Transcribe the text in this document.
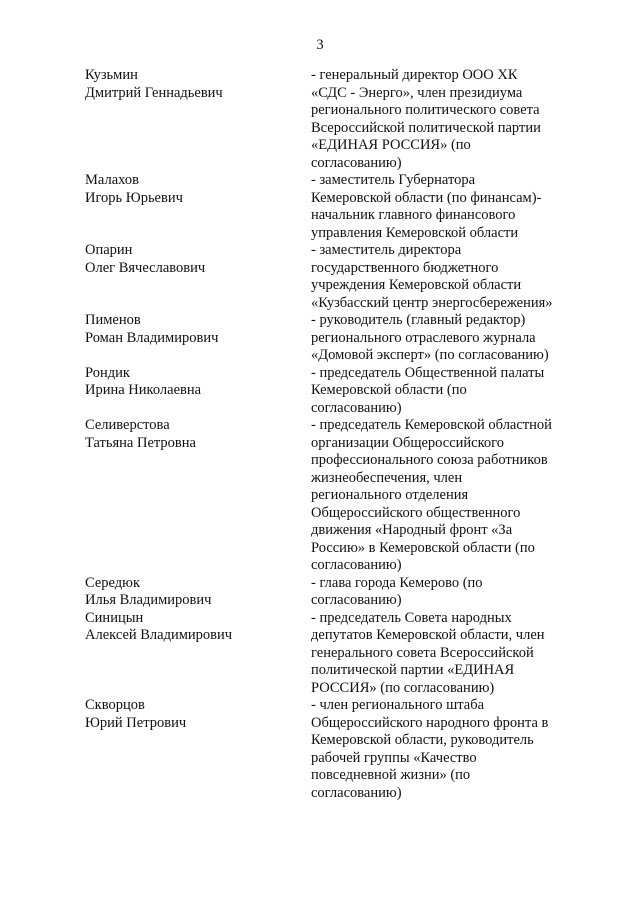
3
Кузьмин
Дмитрий Геннадьевич
- генеральный директор ООО ХК
«СДС - Энерго», член президиума
регионального политического совета
Всероссийской политической партии
«ЕДИНАЯ РОССИЯ» (по
согласованию)
Малахов
Игорь Юрьевич
- заместитель Губернатора
Кемеровской области (по финансам)-
начальник главного финансового
управления Кемеровской области
Опарин
Олег Вячеславович
- заместитель директора
государственного бюджетного
учреждения Кемеровской области
«Кузбасский центр энергосбережения»
Пименов
Роман Владимирович
- руководитель (главный редактор)
регионального отраслевого журнала
«Домовой эксперт» (по согласованию)
Рондик
Ирина Николаевна
- председатель Общественной палаты
Кемеровской области (по
согласованию)
Селиверстова
Татьяна Петровна
- председатель Кемеровской областной
организации Общероссийского
профессионального союза работников
жизнеобеспечения, член
регионального отделения
Общероссийского общественного
движения «Народный фронт «За
Россию» в Кемеровской области (по
согласованию)
Середюк
Илья Владимирович
- глава города Кемерово (по
согласованию)
Синицын
Алексей Владимирович
- председатель Совета народных
депутатов Кемеровской области, член
генерального совета Всероссийской
политической партии «ЕДИНАЯ
РОССИЯ» (по согласованию)
Скворцов
Юрий Петрович
- член регионального штаба
Общероссийского народного фронта в
Кемеровской области, руководитель
рабочей группы «Качество
повседневной жизни» (по
согласованию)
